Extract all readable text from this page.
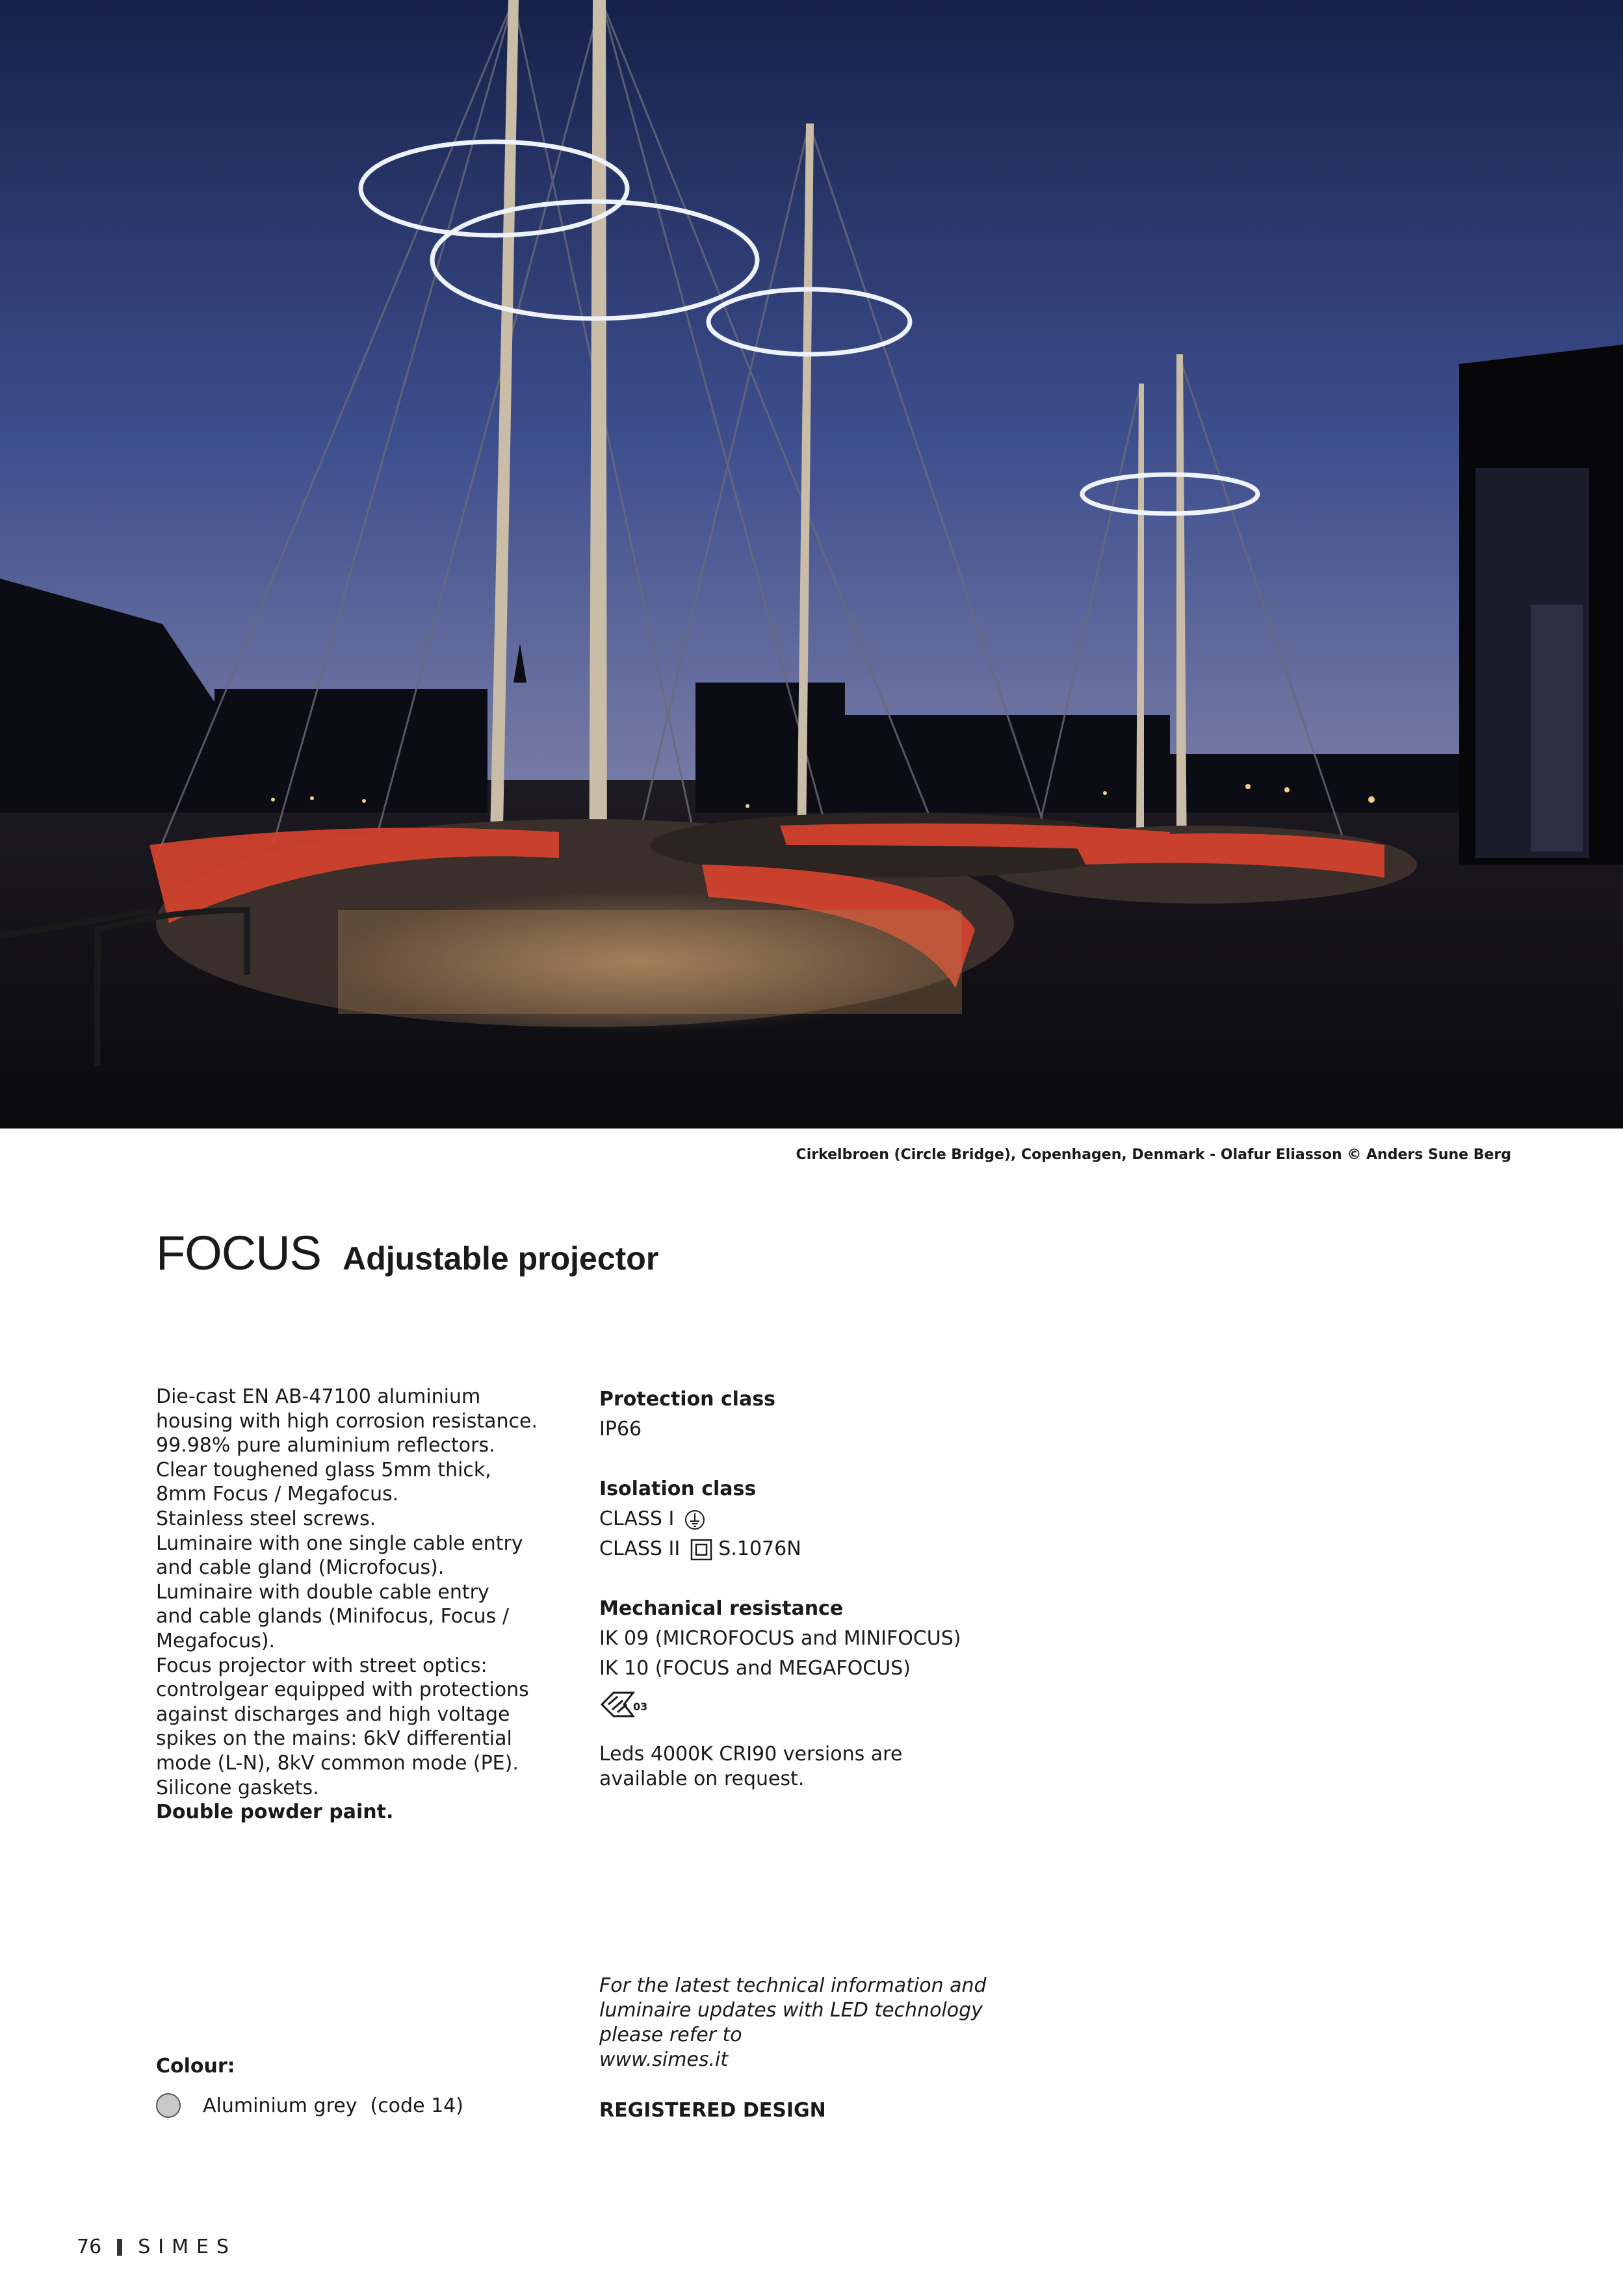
Cirkelbroen (Circle Bridge), Copenhagen, Denmark - Olafur Eliasson © Anders Sune Berg
FOCUS Adjustable projector
Die-cast EN AB-47100 aluminium
housing with high corrosion resistance.
99.98% pure aluminium reflectors.
Clear toughened glass 5mm thick,
8mm Focus / Megafocus.
Stainless steel screws.
Luminaire with one single cable entry
and cable gland (Microfocus).
Luminaire with double cable entry
and cable glands (Minifocus, Focus /
Megafocus).
Focus projector with street optics:
controlgear equipped with protections
against discharges and high voltage
spikes on the mains: 6kV differential
mode (L-N), 8kV common mode (PE).
Silicone gaskets.
Double powder paint.
Protection class
IP66
Isolation class
CLASS I
CLASS II S.1076N
Mechanical resistance
IK 09 (MICROFOCUS and MINIFOCUS)
IK 10 (FOCUS and MEGAFOCUS)
03
Leds 4000K CRI90 versions are
available on request.
For the latest technical information and
luminaire updates with LED technology
please refer to
www.simes.it
REGISTERED DESIGN
Colour:
Aluminium grey (code 14)
76 SIMES
